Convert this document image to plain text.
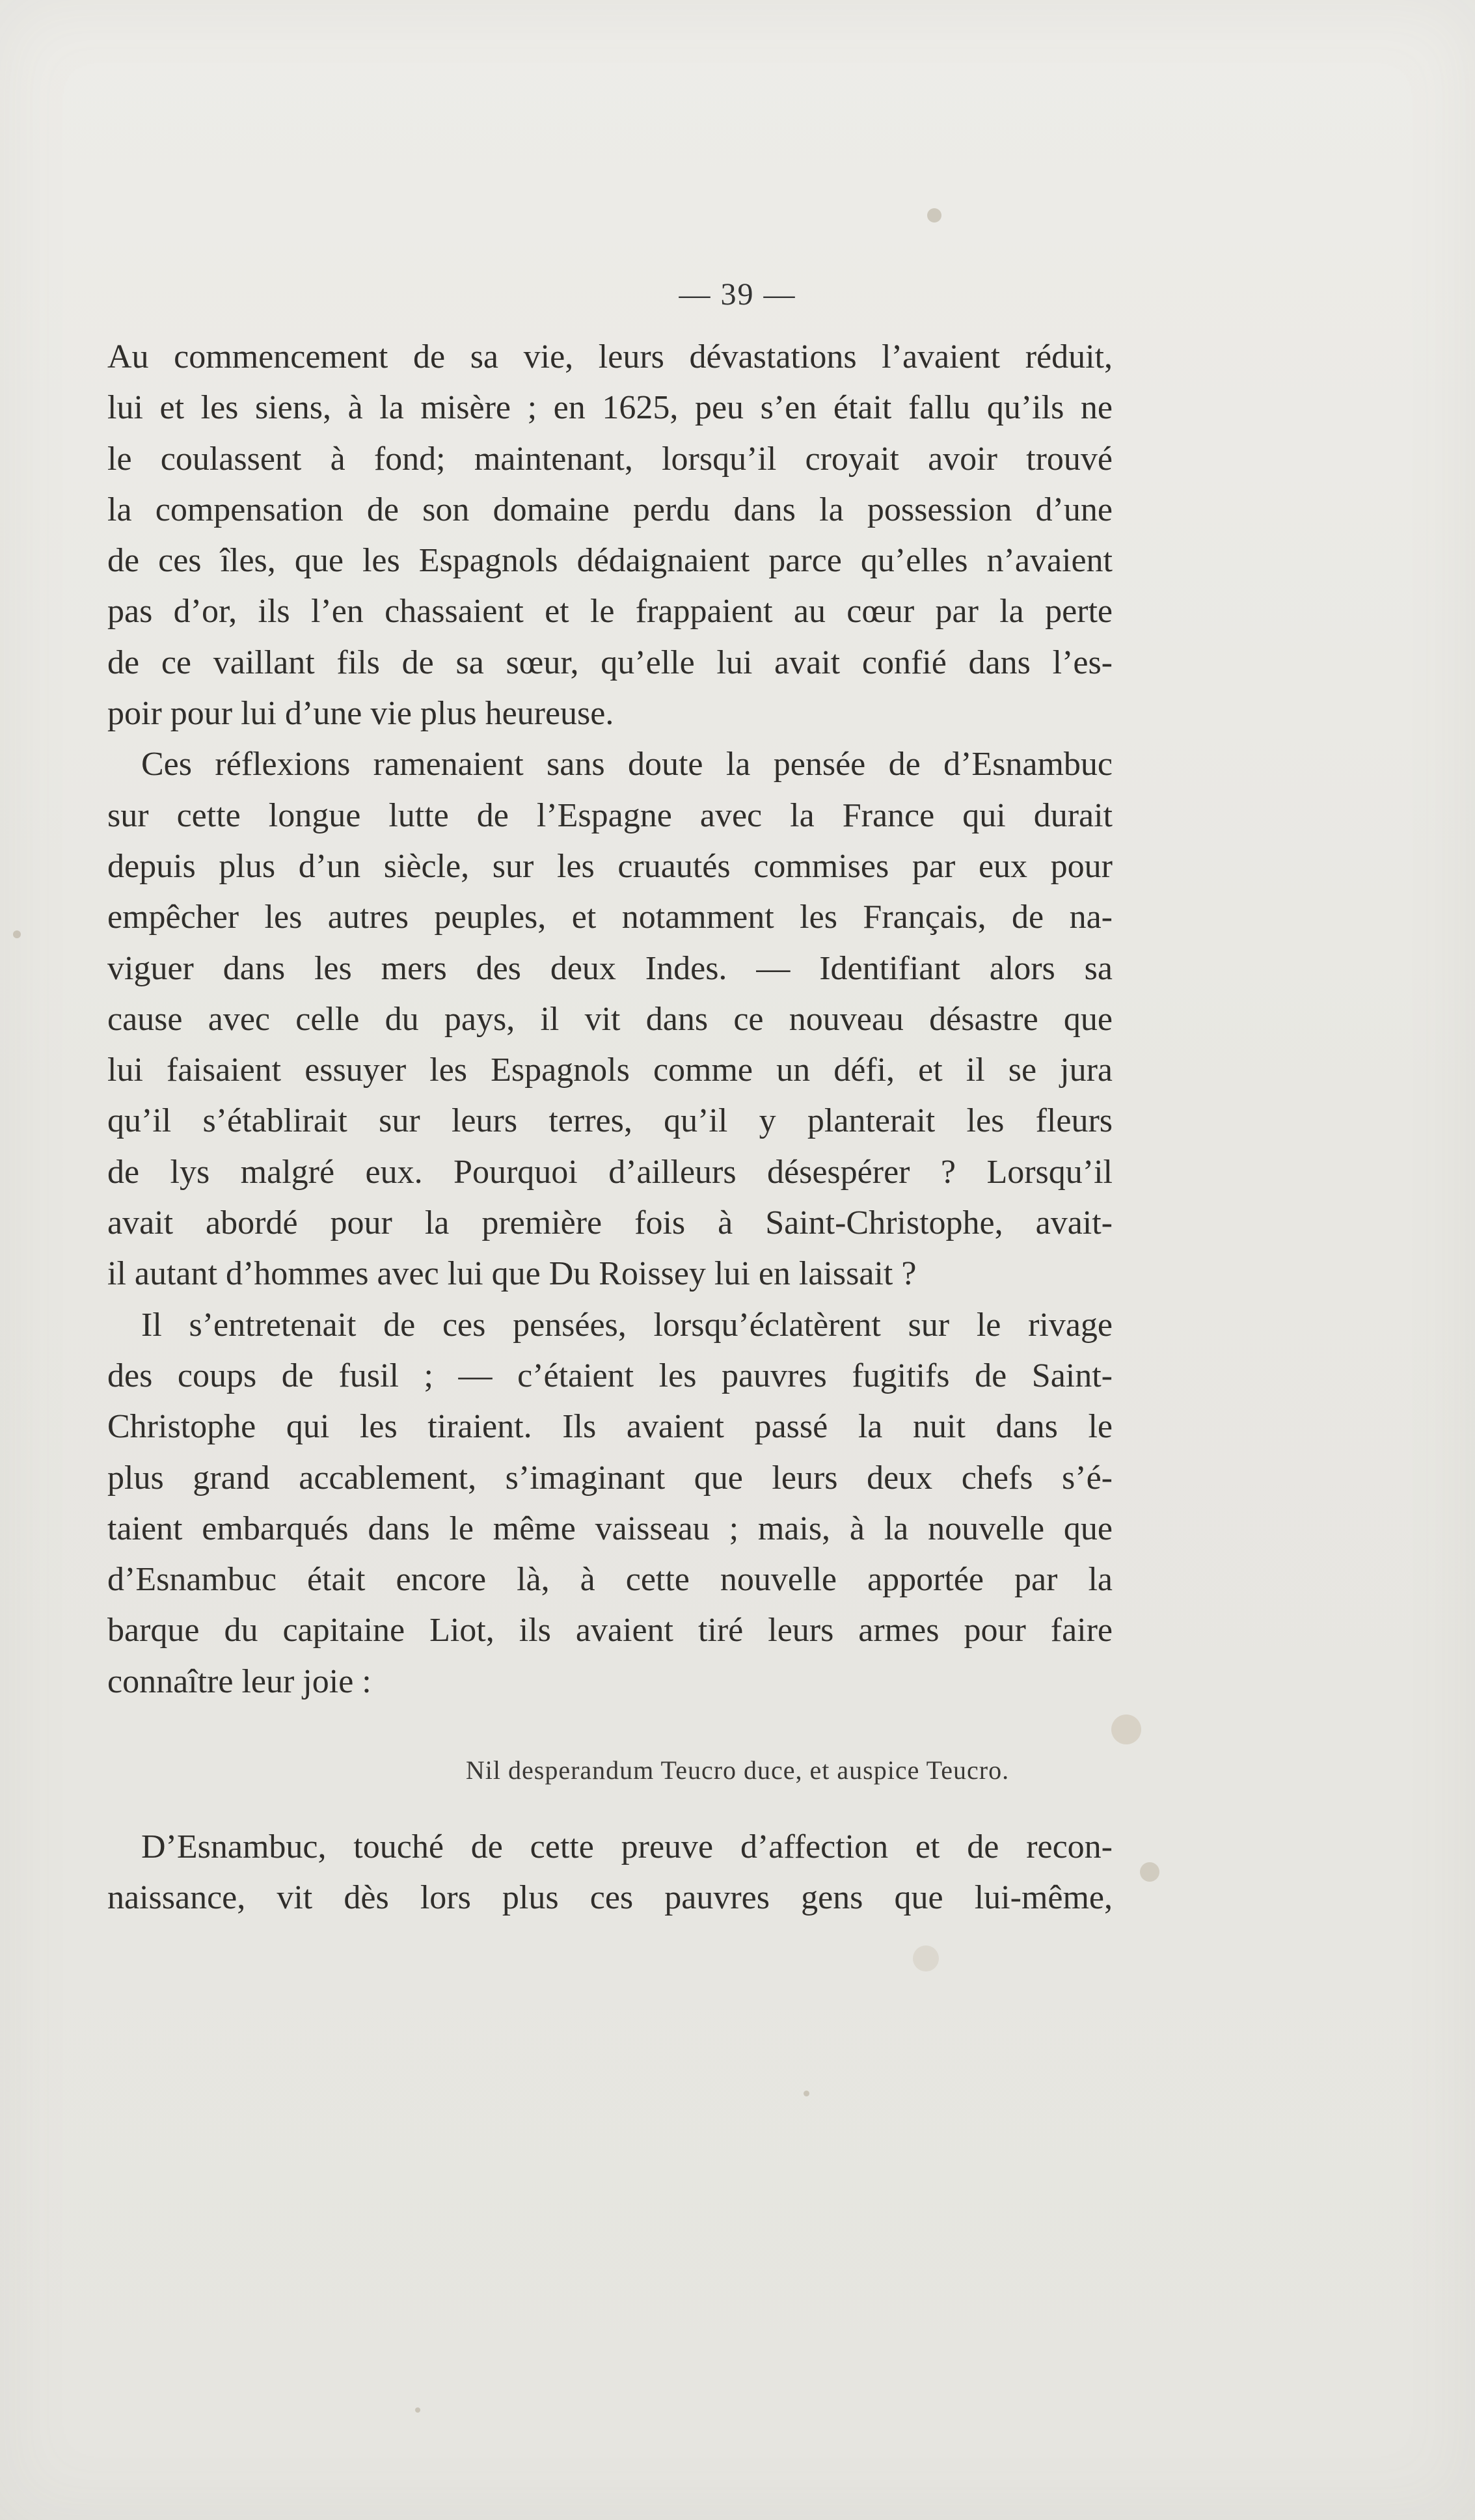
— 39 —
Au commencement de sa vie, leurs dévastations l’avaient réduit,
lui et les siens, à la misère ; en 1625, peu s’en était fallu qu’ils ne
le coulassent à fond; maintenant, lorsqu’il croyait avoir trouvé
la compensation de son domaine perdu dans la possession d’une
de ces îles, que les Espagnols dédaignaient parce qu’elles n’avaient
pas d’or, ils l’en chassaient et le frappaient au cœur par la perte
de ce vaillant fils de sa sœur, qu’elle lui avait confié dans l’es-
poir pour lui d’une vie plus heureuse.
Ces réflexions ramenaient sans doute la pensée de d’Esnambuc
sur cette longue lutte de l’Espagne avec la France qui durait
depuis plus d’un siècle, sur les cruautés commises par eux pour
empêcher les autres peuples, et notamment les Français, de na-
viguer dans les mers des deux Indes. — Identifiant alors sa
cause avec celle du pays, il vit dans ce nouveau désastre que
lui faisaient essuyer les Espagnols comme un défi, et il se jura
qu’il s’établirait sur leurs terres, qu’il y planterait les fleurs
de lys malgré eux. Pourquoi d’ailleurs désespérer ? Lorsqu’il
avait abordé pour la première fois à Saint-Christophe, avait-
il autant d’hommes avec lui que Du Roissey lui en laissait ?
Il s’entretenait de ces pensées, lorsqu’éclatèrent sur le rivage
des coups de fusil ; — c’étaient les pauvres fugitifs de Saint-
Christophe qui les tiraient. Ils avaient passé la nuit dans le
plus grand accablement, s’imaginant que leurs deux chefs s’é-
taient embarqués dans le même vaisseau ; mais, à la nouvelle que
d’Esnambuc était encore là, à cette nouvelle apportée par la
barque du capitaine Liot, ils avaient tiré leurs armes pour faire
connaître leur joie :
Nil desperandum Teucro duce, et auspice Teucro.
D’Esnambuc, touché de cette preuve d’affection et de recon-
naissance, vit dès lors plus ces pauvres gens que lui-même,
